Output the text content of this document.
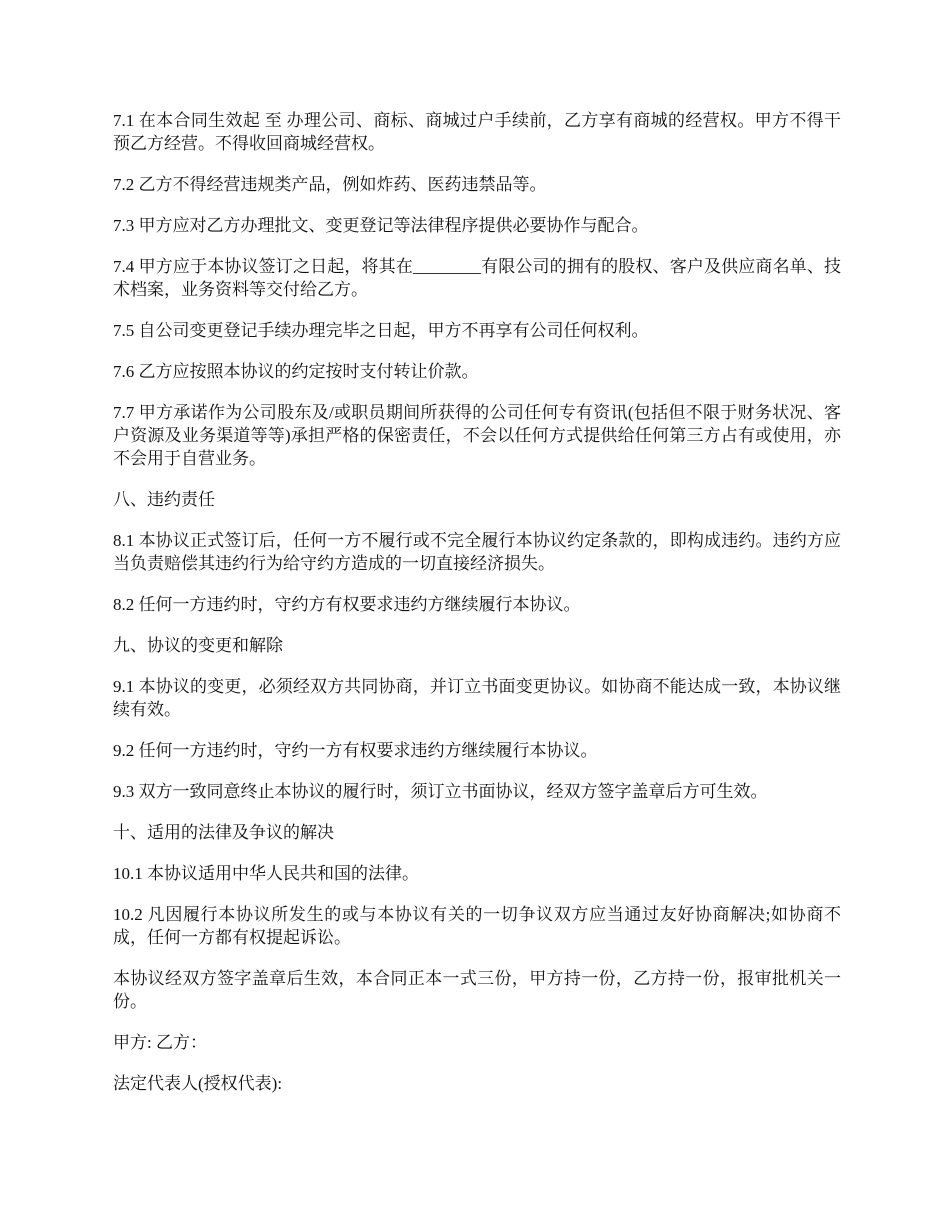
7.1 在本合同生效起 至 办理公司、商标、商城过户手续前，乙方享有商城的经营权。甲方不得干预乙方经营。不得收回商城经营权。

7.2 乙方不得经营违规类产品，例如炸药、医药违禁品等。

7.3 甲方应对乙方办理批文、变更登记等法律程序提供必要协作与配合。

7.4 甲方应于本协议签订之日起，将其在________有限公司的拥有的股权、客户及供应商名单、技术档案，业务资料等交付给乙方。

7.5 自公司变更登记手续办理完毕之日起，甲方不再享有公司任何权利。

7.6 乙方应按照本协议的约定按时支付转让价款。

7.7 甲方承诺作为公司股东及/或职员期间所获得的公司任何专有资讯(包括但不限于财务状况、客户资源及业务渠道等等)承担严格的保密责任，不会以任何方式提供给任何第三方占有或使用，亦不会用于自营业务。

八、违约责任

8.1 本协议正式签订后，任何一方不履行或不完全履行本协议约定条款的，即构成违约。违约方应当负责赔偿其违约行为给守约方造成的一切直接经济损失。

8.2 任何一方违约时，守约方有权要求违约方继续履行本协议。

九、协议的变更和解除

9.1 本协议的变更，必须经双方共同协商，并订立书面变更协议。如协商不能达成一致，本协议继续有效。

9.2 任何一方违约时，守约一方有权要求违约方继续履行本协议。

9.3 双方一致同意终止本协议的履行时，须订立书面协议，经双方签字盖章后方可生效。

十、适用的法律及争议的解决

10.1 本协议适用中华人民共和国的法律。

10.2 凡因履行本协议所发生的或与本协议有关的一切争议双方应当通过友好协商解决;如协商不成，任何一方都有权提起诉讼。

本协议经双方签字盖章后生效，本合同正本一式三份，甲方持一份，乙方持一份，报审批机关一份。

甲方: 乙方：

法定代表人(授权代表):
